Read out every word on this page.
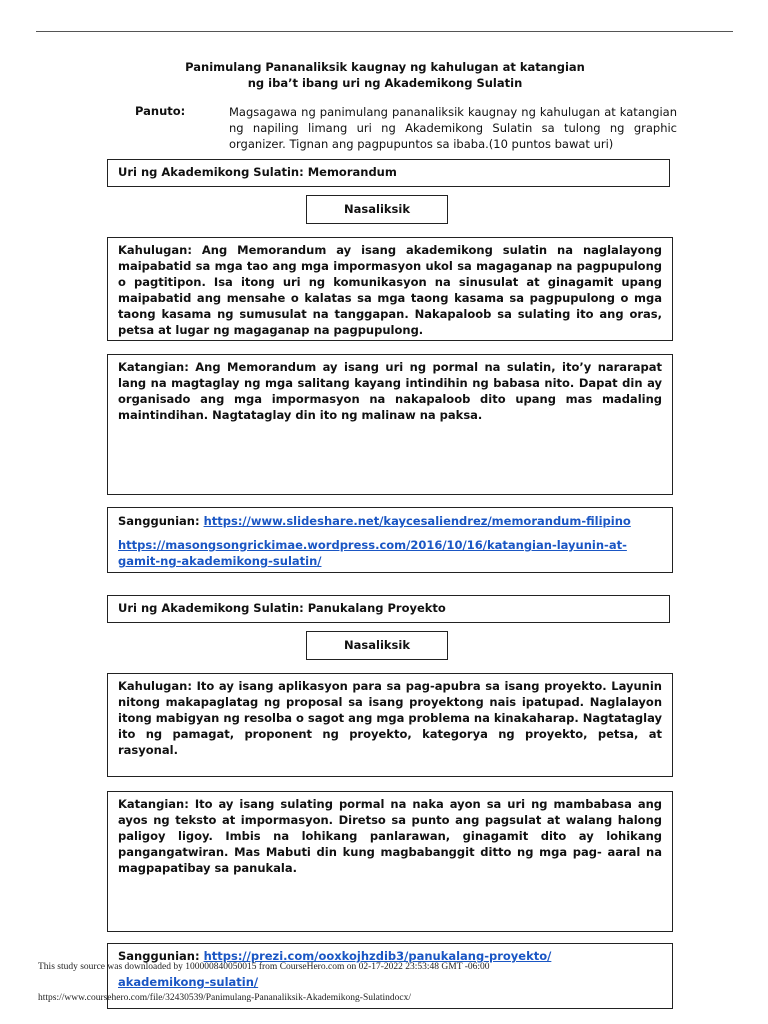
Panimulang Pananaliksik kaugnay ng kahulugan at katangian
ng iba’t ibang uri ng Akademikong Sulatin
Panuto:	Magsagawa ng panimulang pananaliksik kaugnay ng kahulugan at katangian ng napiling limang uri ng Akademikong Sulatin sa tulong ng graphic organizer. Tignan ang pagpupuntos sa ibaba.(10 puntos bawat uri)
Uri ng Akademikong Sulatin: Memorandum
Nasaliksik
Kahulugan: Ang Memorandum ay isang akademikong sulatin na naglalayong maipabatid sa mga tao ang mga impormasyon ukol sa magaganap na pagpupulong o pagtitipon. Isa itong uri ng komunikasyon na sinusulat at ginagamit upang maipabatid ang mensahe o kalatas sa mga taong kasama sa pagpupulong o mga taong kasama ng sumusulat na tanggapan. Nakapaloob sa sulating ito ang oras, petsa at lugar ng magaganap na pagpupulong.
Katangian: Ang Memorandum ay isang uri ng pormal na sulatin, ito’y nararapat lang na magtaglay ng mga salitang kayang intindihin ng babasa nito. Dapat din ay organisado ang mga impormasyon na nakapaloob dito upang mas madaling maintindihan. Nagtataglay din ito ng malinaw na paksa.
Sanggunian: https://www.slideshare.net/kaycesaliendrez/memorandum-filipino
https://masongsongrickimae.wordpress.com/2016/10/16/katangian-layunin-at-gamit-ng-akademikong-sulatin/
Uri ng Akademikong Sulatin: Panukalang Proyekto
Nasaliksik
Kahulugan: Ito ay isang aplikasyon para sa pag-apubra sa isang proyekto. Layunin nitong makapaglatag ng proposal sa isang proyektong nais ipatupad. Naglalayon itong mabigyan ng resolba o sagot ang mga problema na kinakaharap. Nagtataglay ito ng pamagat, proponent ng proyekto, kategorya ng proyekto, petsa, at rasyonal.
Katangian: Ito ay isang sulating pormal na naka ayon sa uri ng mambabasa ang ayos ng teksto at impormasyon. Diretso sa punto ang pagsulat at walang halong paligoy ligoy. Imbis na lohikang panlarawan, ginagamit dito ay lohikang pangangatwiran. Mas Mabuti din kung magbabanggit ditto ng mga pag- aaral na magpapatibay sa panukala.
Sanggunian: https://prezi.com/ooxkojhzdib3/panukalang-proyekto/
akademikong-sulatin/
This study source was downloaded by 100000840050015 from CourseHero.com on 02-17-2022 23:53:48 GMT -06:00
https://www.coursehero.com/file/32430539/Panimulang-Pananaliksik-Akademikong-Sulatindocx/
